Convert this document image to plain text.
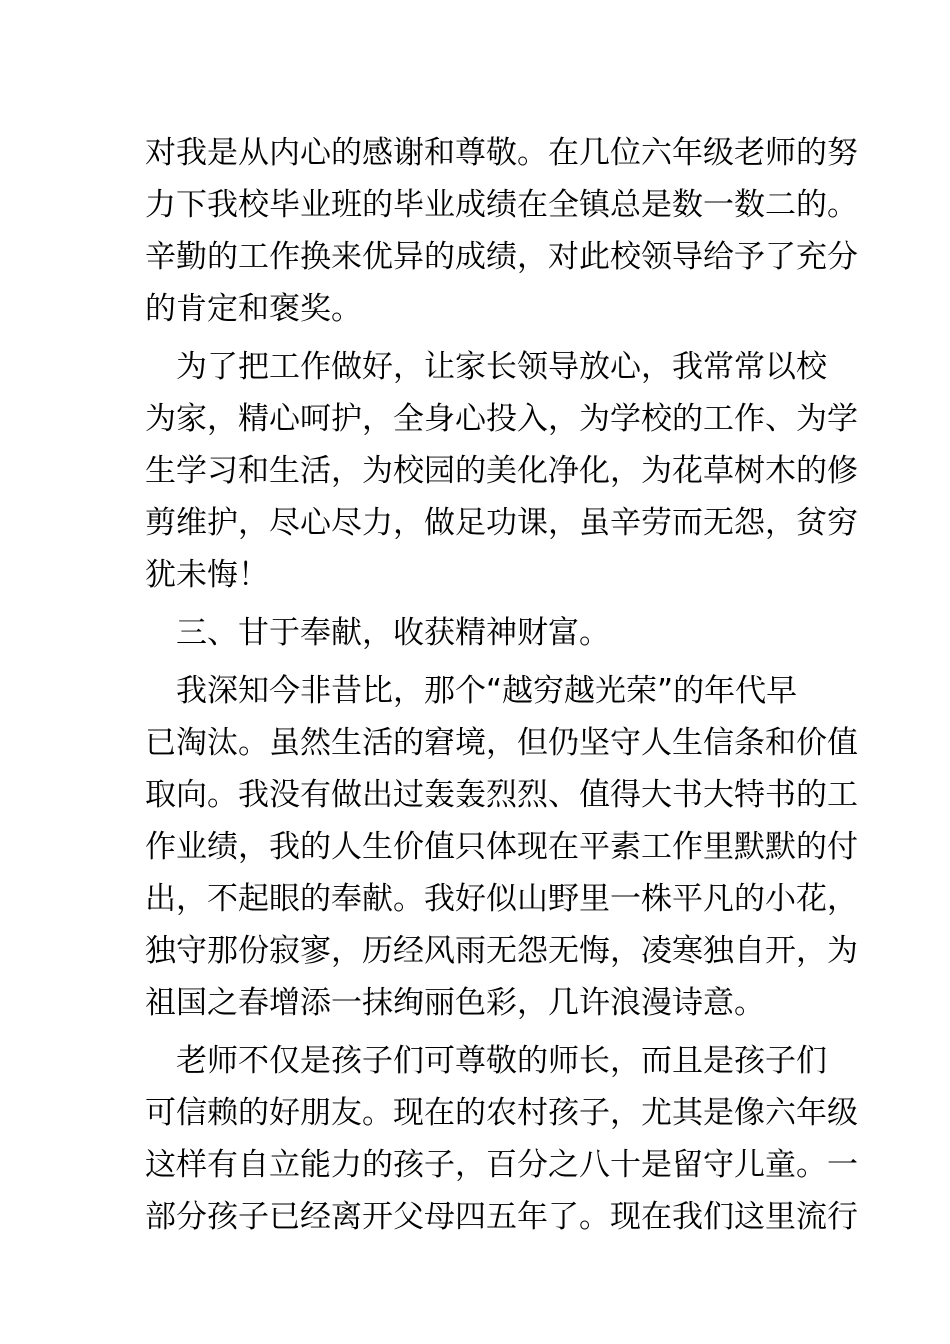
对我是从内心的感谢和尊敬。在几位六年级老师的努
力下我校毕业班的毕业成绩在全镇总是数一数二的。
辛勤的工作换来优异的成绩，对此校领导给予了充分
的肯定和褒奖。
　为了把工作做好，让家长领导放心，我常常以校
为家，精心呵护，全身心投入，为学校的工作、为学
生学习和生活，为校园的美化净化，为花草树木的修
剪维护，尽心尽力，做足功课，虽辛劳而无怨，贫穷
犹未悔！
　三、甘于奉献，收获精神财富。
　我深知今非昔比，那个“越穷越光荣”的年代早
已淘汰。虽然生活的窘境，但仍坚守人生信条和价值
取向。我没有做出过轰轰烈烈、值得大书大特书的工
作业绩，我的人生价值只体现在平素工作里默默的付
出，不起眼的奉献。我好似山野里一株平凡的小花，
独守那份寂寥，历经风雨无怨无悔，凌寒独自开，为
祖国之春增添一抹绚丽色彩，几许浪漫诗意。
　老师不仅是孩子们可尊敬的师长，而且是孩子们
可信赖的好朋友。现在的农村孩子，尤其是像六年级
这样有自立能力的孩子，百分之八十是留守儿童。一
部分孩子已经离开父母四五年了。现在我们这里流行
